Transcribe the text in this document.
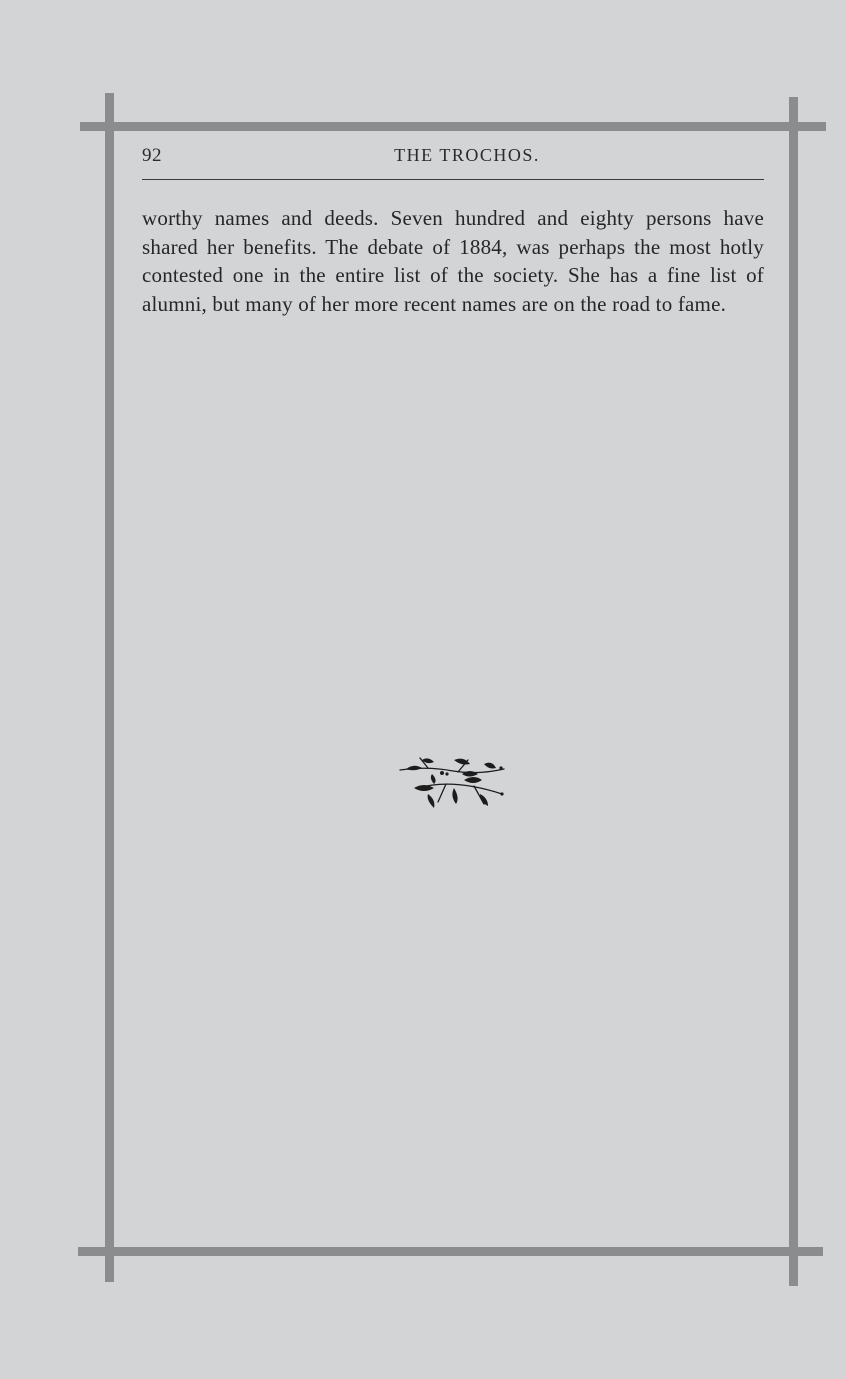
92	THE TROCHOS.

worthy names and deeds. Seven hundred and eighty persons have shared her benefits. The debate of 1884, was perhaps the most hotly contested one in the entire list of the society. She has a fine list of alumni, but many of her more recent names are on the road to fame.
